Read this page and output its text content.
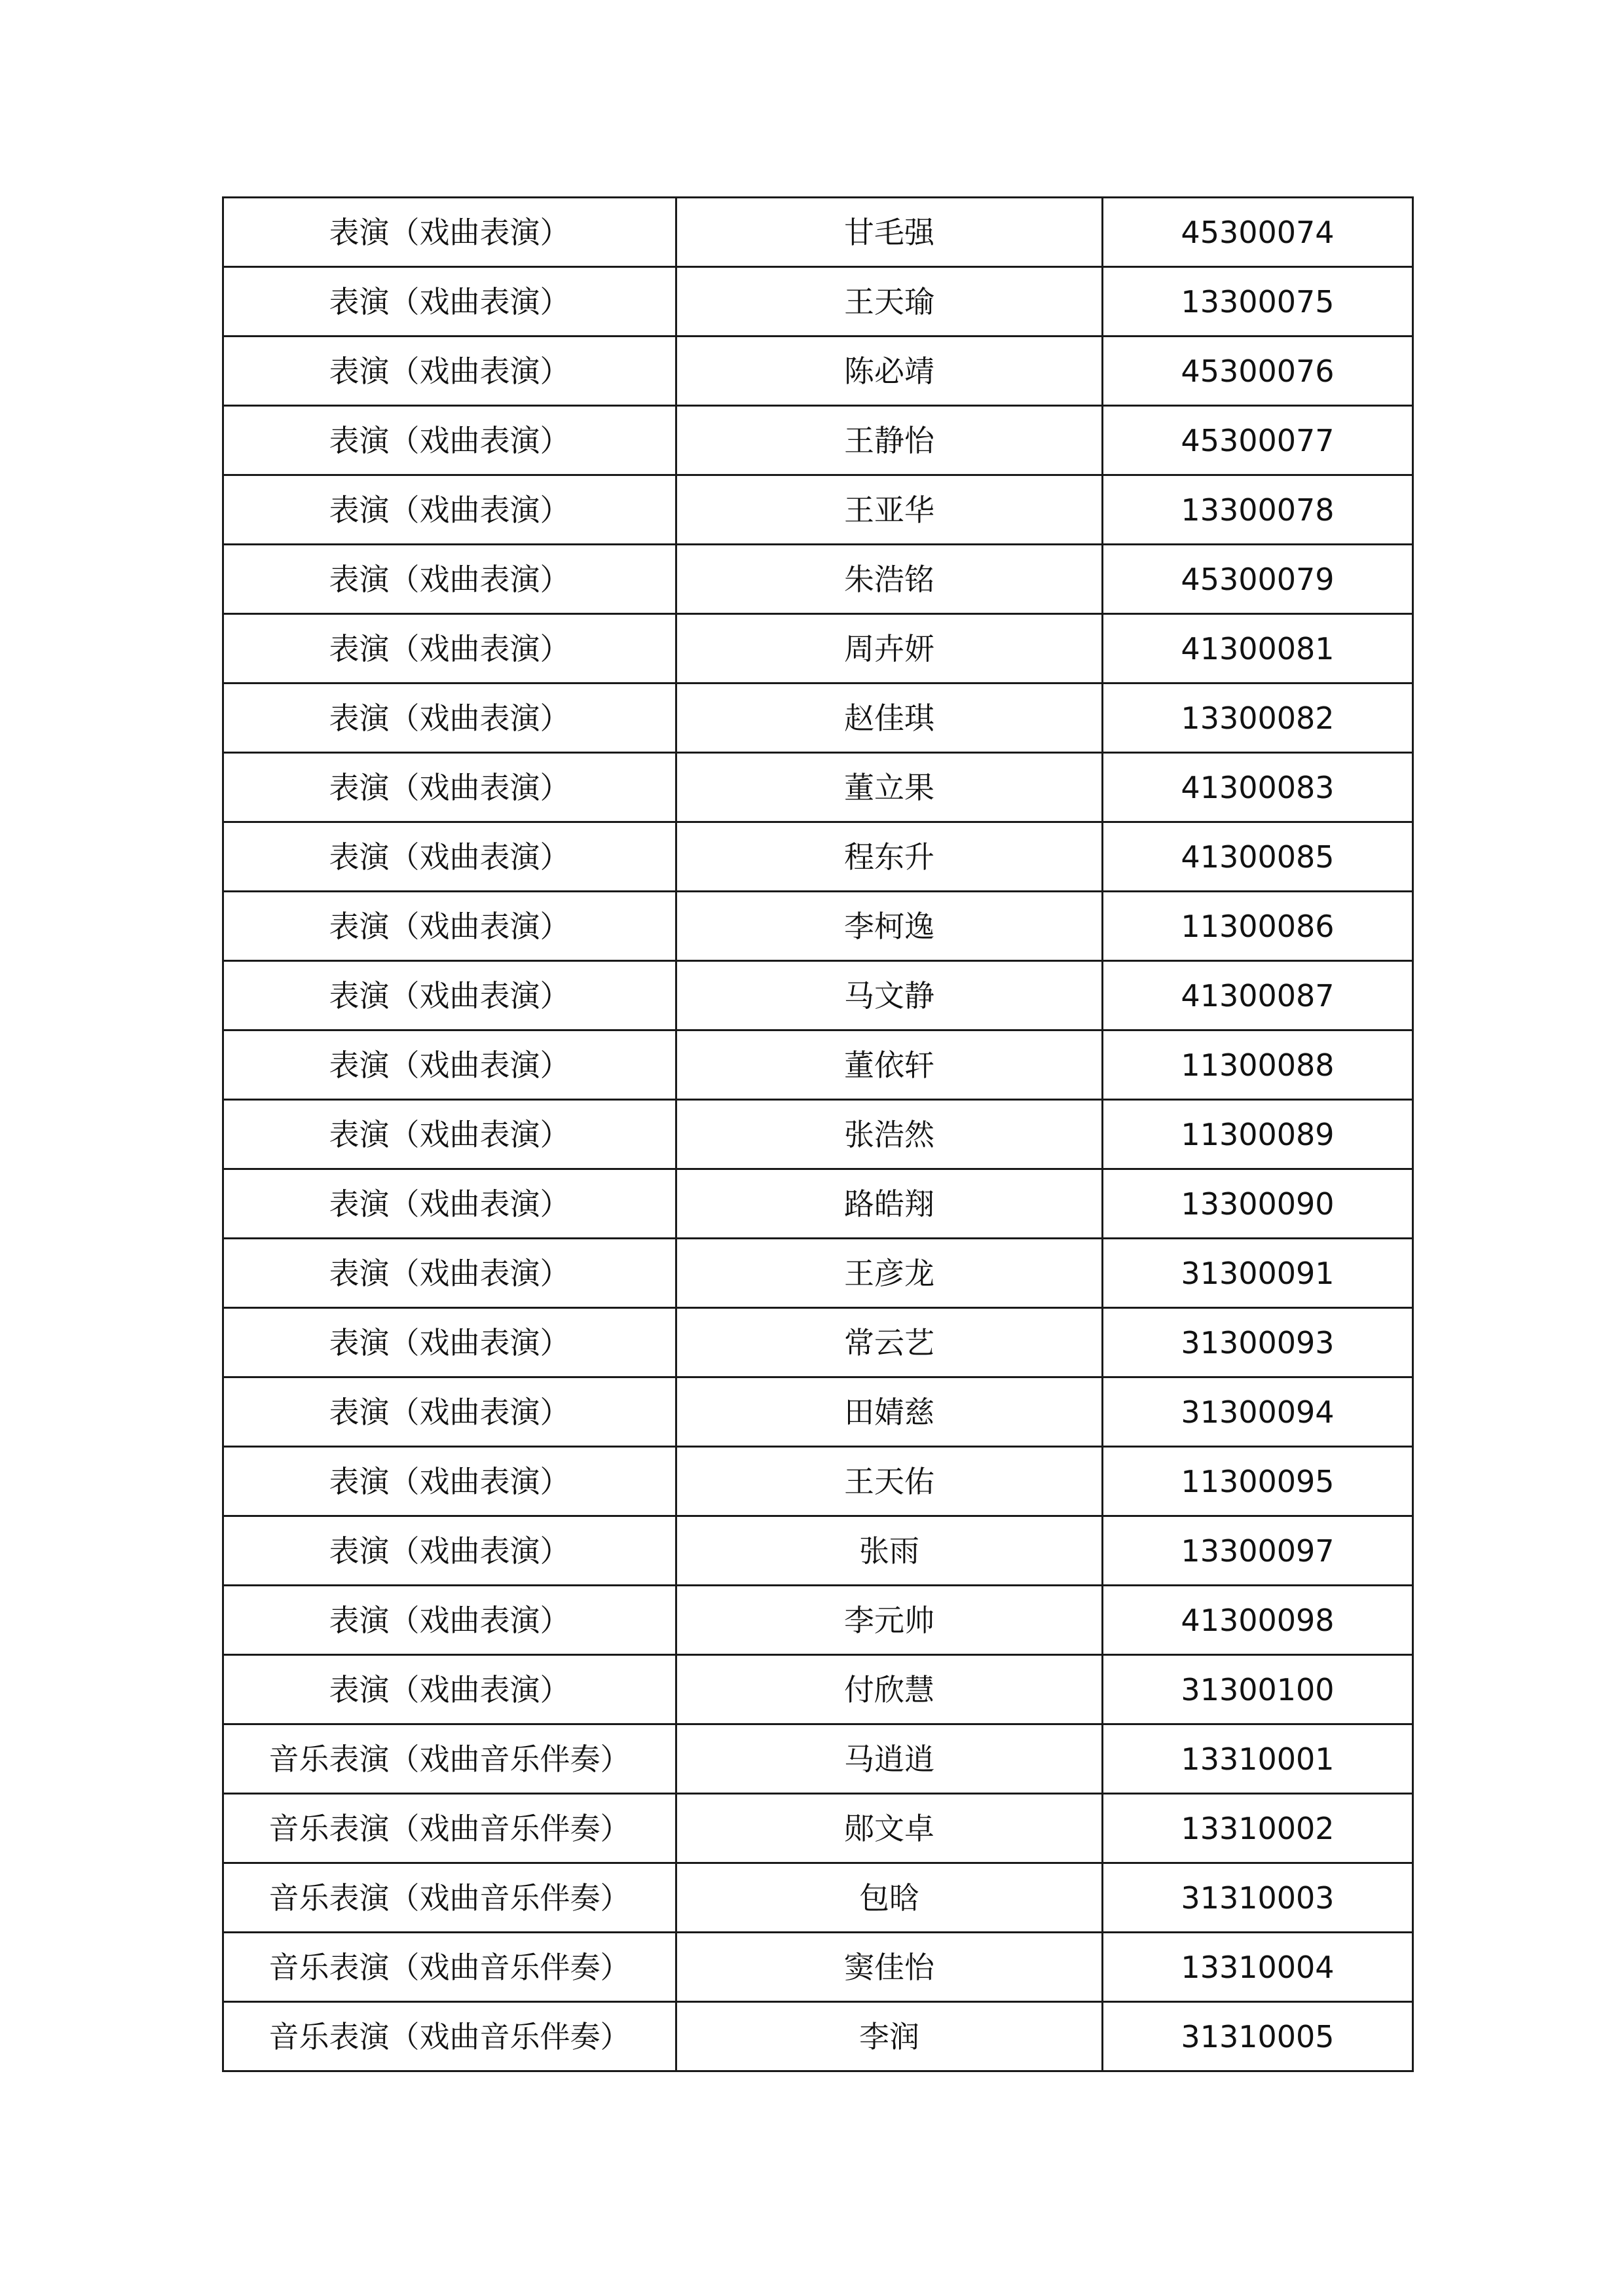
表演（戏曲表演）	甘毛强	45300074
表演（戏曲表演）	王天瑜	13300075
表演（戏曲表演）	陈必靖	45300076
表演（戏曲表演）	王静怡	45300077
表演（戏曲表演）	王亚华	13300078
表演（戏曲表演）	朱浩铭	45300079
表演（戏曲表演）	周卉妍	41300081
表演（戏曲表演）	赵佳琪	13300082
表演（戏曲表演）	董立果	41300083
表演（戏曲表演）	程东升	41300085
表演（戏曲表演）	李柯逸	11300086
表演（戏曲表演）	马文静	41300087
表演（戏曲表演）	董依轩	11300088
表演（戏曲表演）	张浩然	11300089
表演（戏曲表演）	路皓翔	13300090
表演（戏曲表演）	王彦龙	31300091
表演（戏曲表演）	常云艺	31300093
表演（戏曲表演）	田婧慈	31300094
表演（戏曲表演）	王天佑	11300095
表演（戏曲表演）	张雨	13300097
表演（戏曲表演）	李元帅	41300098
表演（戏曲表演）	付欣慧	31300100
音乐表演（戏曲音乐伴奏）	马逍逍	13310001
音乐表演（戏曲音乐伴奏）	郧文卓	13310002
音乐表演（戏曲音乐伴奏）	包晗	31310003
音乐表演（戏曲音乐伴奏）	窦佳怡	13310004
音乐表演（戏曲音乐伴奏）	李润	31310005
